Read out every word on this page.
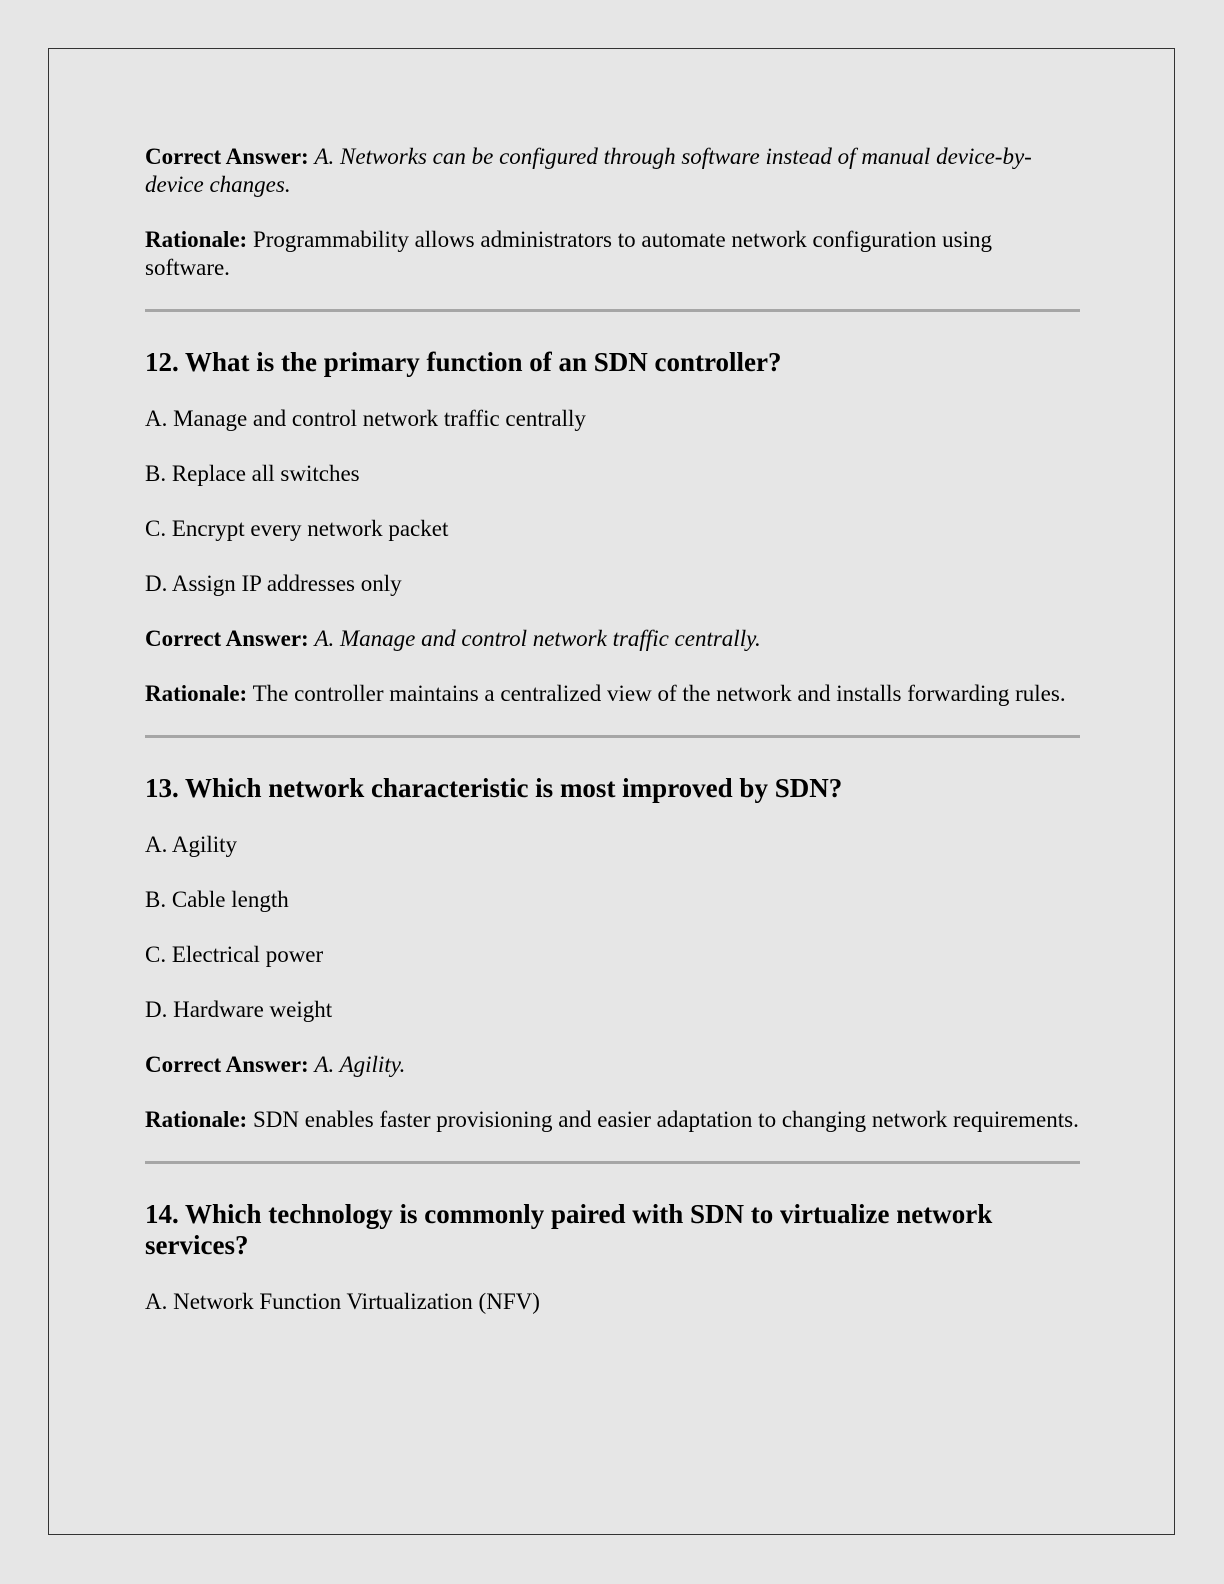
Correct Answer: A. Networks can be configured through software instead of manual device-by-device changes.

Rationale: Programmability allows administrators to automate network configuration using software.

12. What is the primary function of an SDN controller?

A. Manage and control network traffic centrally

B. Replace all switches

C. Encrypt every network packet

D. Assign IP addresses only

Correct Answer: A. Manage and control network traffic centrally.

Rationale: The controller maintains a centralized view of the network and installs forwarding rules.

13. Which network characteristic is most improved by SDN?

A. Agility

B. Cable length

C. Electrical power

D. Hardware weight

Correct Answer: A. Agility.

Rationale: SDN enables faster provisioning and easier adaptation to changing network requirements.

14. Which technology is commonly paired with SDN to virtualize network services?

A. Network Function Virtualization (NFV)
